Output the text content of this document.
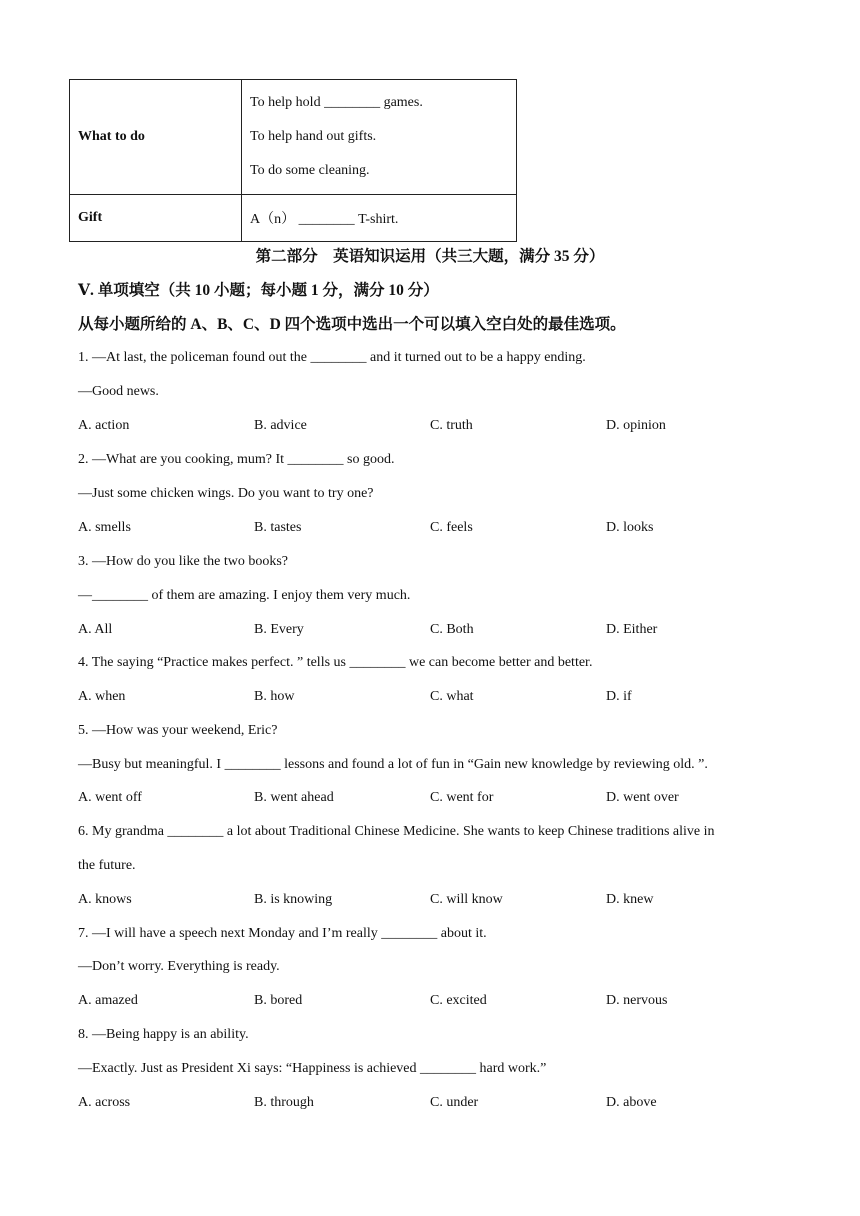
What to do	To help hold ________ games.
To help hand out gifts.
To do some cleaning.

Gift	A（n） ________ T-shirt.
第二部分　英语知识运用（共三大题，满分 35 分）
Ⅴ. 单项填空（共 10 小题；每小题 1 分，满分 10 分）
从每小题所给的 A、B、C、D 四个选项中选出一个可以填入空白处的最佳选项。
1. —At last, the policeman found out the ________ and it turned out to be a happy ending.
—Good news.
A. action	B. advice	C. truth	D. opinion
2. —What are you cooking, mum? It ________ so good.
—Just some chicken wings. Do you want to try one?
A. smells	B. tastes	C. feels	D. looks
3. —How do you like the two books?
—________ of them are amazing. I enjoy them very much.
A. All	B. Every	C. Both	D. Either
4. The saying “Practice makes perfect. ” tells us ________ we can become better and better.
A. when	B. how	C. what	D. if
5. —How was your weekend, Eric?
—Busy but meaningful. I ________ lessons and found a lot of fun in “Gain new knowledge by reviewing old. ”.
A. went off	B. went ahead	C. went for	D. went over
6. My grandma ________ a lot about Traditional Chinese Medicine. She wants to keep Chinese traditions alive in
the future.
A. knows	B. is knowing	C. will know	D. knew
7. —I will have a speech next Monday and I’m really ________ about it.
—Don’t worry. Everything is ready.
A. amazed	B. bored	C. excited	D. nervous
8. —Being happy is an ability.
—Exactly. Just as President Xi says: “Happiness is achieved ________ hard work.”
A. across	B. through	C. under	D. above
